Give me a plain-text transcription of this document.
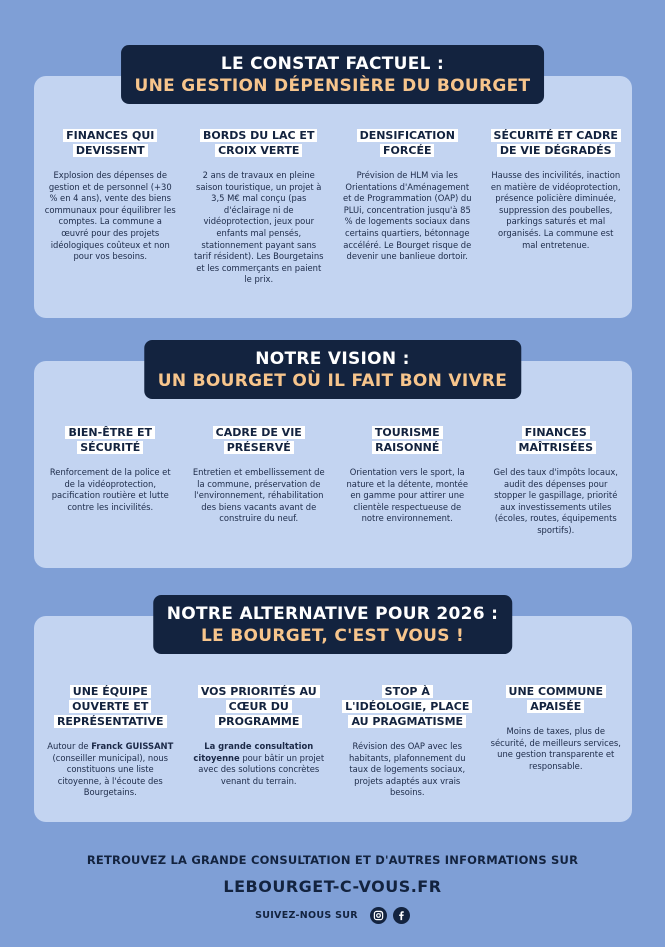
LE CONSTAT FACTUEL :
UNE GESTION DÉPENSIÈRE DU BOURGET
FINANCES QUI DEVISSENT
Explosion des dépenses de gestion et de personnel (+30 % en 4 ans), vente des biens communaux pour équilibrer les comptes. La commune a œuvré pour des projets idéologiques coûteux et non pour vos besoins.
BORDS DU LAC ET CROIX VERTE
2 ans de travaux en pleine saison touristique, un projet à 3,5 M€ mal conçu (pas d'éclairage ni de vidéoprotection, jeux pour enfants mal pensés, stationnement payant sans tarif résident). Les Bourgetains et les commerçants en paient le prix.
DENSIFICATION FORCÉE
Prévision de HLM via les Orientations d'Aménagement et de Programmation (OAP) du PLUi, concentration jusqu'à 85 % de logements sociaux dans certains quartiers, bétonnage accéléré. Le Bourget risque de devenir une banlieue dortoir.
SÉCURITÉ ET CADRE DE VIE DÉGRADÉS
Hausse des incivilités, inaction en matière de vidéoprotection, présence policière diminuée, suppression des poubelles, parkings saturés et mal organisés. La commune est mal entretenue.
NOTRE VISION :
UN BOURGET OÙ IL FAIT BON VIVRE
BIEN-ÊTRE ET SÉCURITÉ
Renforcement de la police et de la vidéoprotection, pacification routière et lutte contre les incivilités.
CADRE DE VIE PRÉSERVÉ
Entretien et embellissement de la commune, préservation de l'environnement, réhabilitation des biens vacants avant de construire du neuf.
TOURISME RAISONNÉ
Orientation vers le sport, la nature et la détente, montée en gamme pour attirer une clientèle respectueuse de notre environnement.
FINANCES MAÎTRISÉES
Gel des taux d'impôts locaux, audit des dépenses pour stopper le gaspillage, priorité aux investissements utiles (écoles, routes, équipements sportifs).
NOTRE ALTERNATIVE POUR 2026 :
LE BOURGET, C'EST VOUS !
UNE ÉQUIPE OUVERTE ET REPRÉSENTATIVE
Autour de Franck GUISSANT (conseiller municipal), nous constituons une liste citoyenne, à l'écoute des Bourgetains.
VOS PRIORITÉS AU CŒUR DU PROGRAMME
La grande consultation citoyenne pour bâtir un projet avec des solutions concrètes venant du terrain.
STOP À L'IDÉOLOGIE, PLACE AU PRAGMATISME
Révision des OAP avec les habitants, plafonnement du taux de logements sociaux, projets adaptés aux vrais besoins.
UNE COMMUNE APAISÉE
Moins de taxes, plus de sécurité, de meilleurs services, une gestion transparente et responsable.
RETROUVEZ LA GRANDE CONSULTATION ET D'AUTRES INFORMATIONS SUR
LEBOURGET-C-VOUS.FR
SUIVEZ-NOUS SUR
